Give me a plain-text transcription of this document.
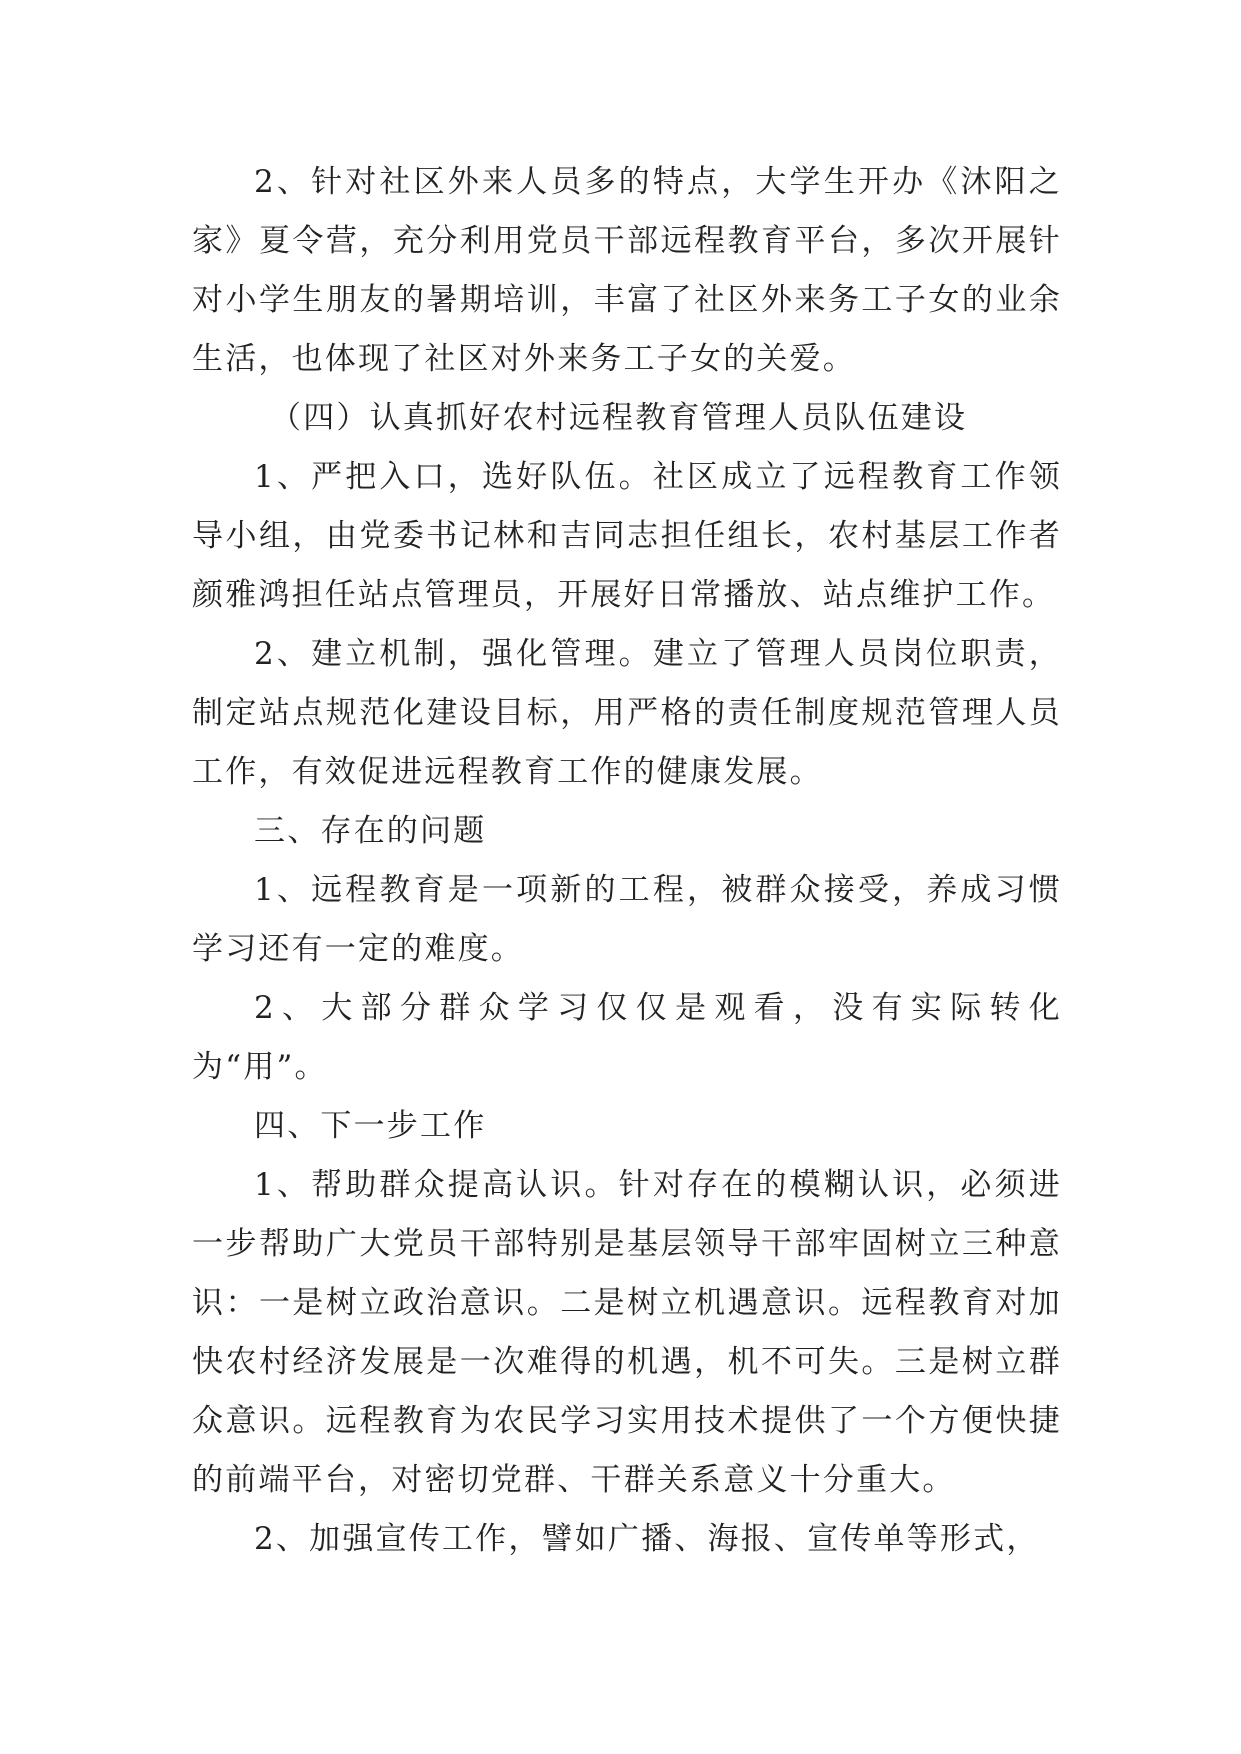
2、针对社区外来人员多的特点，大学生开办《沐阳之家》夏令营，充分利用党员干部远程教育平台，多次开展针对小学生朋友的暑期培训，丰富了社区外来务工子女的业余生活，也体现了社区对外来务工子女的关爱。

（四）认真抓好农村远程教育管理人员队伍建设

1、严把入口，选好队伍。社区成立了远程教育工作领导小组，由党委书记林和吉同志担任组长，农村基层工作者颜雅鸿担任站点管理员，开展好日常播放、站点维护工作。

2、建立机制，强化管理。建立了管理人员岗位职责，制定站点规范化建设目标，用严格的责任制度规范管理人员工作，有效促进远程教育工作的健康发展。

三、存在的问题

1、远程教育是一项新的工程，被群众接受，养成习惯学习还有一定的难度。

2、大部分群众学习仅仅是观看，没有实际转化为“用”。

四、下一步工作

1、帮助群众提高认识。针对存在的模糊认识，必须进一步帮助广大党员干部特别是基层领导干部牢固树立三种意识：一是树立政治意识。二是树立机遇意识。远程教育对加快农村经济发展是一次难得的机遇，机不可失。三是树立群众意识。远程教育为农民学习实用技术提供了一个方便快捷的前端平台，对密切党群、干群关系意义十分重大。

2、加强宣传工作，譬如广播、海报、宣传单等形式，
